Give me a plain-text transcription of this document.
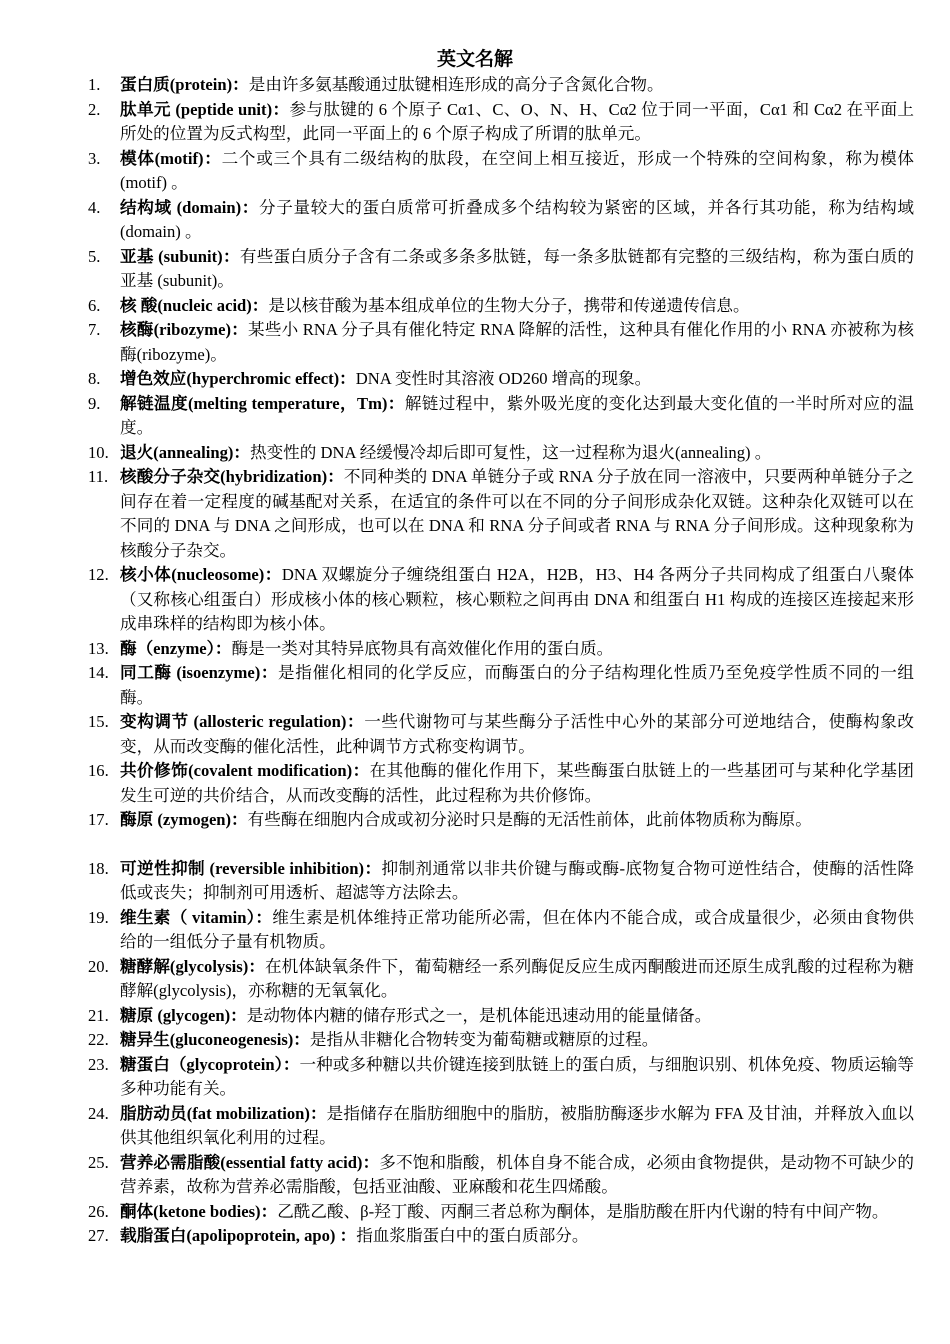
英文名解
1. 蛋白质(protein)：是由许多氨基酸通过肽键相连形成的高分子含氮化合物。
2. 肽单元 (peptide unit)：参与肽键的 6 个原子 Cα1、C、O、N、H、Cα2 位于同一平面，Cα1 和 Cα2 在平面上所处的位置为反式构型，此同一平面上的 6 个原子构成了所谓的肽单元。
3. 模体(motif)：二个或三个具有二级结构的肽段，在空间上相互接近，形成一个特殊的空间构象，称为模体(motif) 。
4. 结构域 (domain)：分子量较大的蛋白质常可折叠成多个结构较为紧密的区域，并各行其功能，称为结构域 (domain) 。
5. 亚基 (subunit)：有些蛋白质分子含有二条或多条多肽链，每一条多肽链都有完整的三级结构，称为蛋白质的亚基 (subunit)。
6. 核 酸(nucleic acid)：是以核苷酸为基本组成单位的生物大分子，携带和传递遗传信息。
7. 核酶(ribozyme)：某些小 RNA 分子具有催化特定 RNA 降解的活性，这种具有催化作用的小 RNA 亦被称为核酶(ribozyme)。
8. 增色效应(hyperchromic effect)：DNA 变性时其溶液 OD260 增高的现象。
9. 解链温度(melting temperature，Tm)：解链过程中，紫外吸光度的变化达到最大变化值的一半时所对应的温度。
10. 退火(annealing)：热变性的 DNA 经缓慢冷却后即可复性，这一过程称为退火(annealing) 。
11. 核酸分子杂交(hybridization)：不同种类的 DNA 单链分子或 RNA 分子放在同一溶液中，只要两种单链分子之间存在着一定程度的碱基配对关系，在适宜的条件可以在不同的分子间形成杂化双链。这种杂化双链可以在不同的 DNA 与 DNA 之间形成，也可以在 DNA 和 RNA 分子间或者 RNA 与 RNA 分子间形成。这种现象称为核酸分子杂交。
12. 核小体(nucleosome)：DNA 双螺旋分子缠绕组蛋白 H2A，H2B，H3、H4 各两分子共同构成了组蛋白八聚体（又称核心组蛋白）形成核小体的核心颗粒，核心颗粒之间再由 DNA 和组蛋白 H1 构成的连接区连接起来形成串珠样的结构即为核小体。
13. 酶（enzyme）：酶是一类对其特异底物具有高效催化作用的蛋白质。
14. 同工酶 (isoenzyme)：是指催化相同的化学反应，而酶蛋白的分子结构理化性质乃至免疫学性质不同的一组酶。
15. 变构调节 (allosteric regulation)：一些代谢物可与某些酶分子活性中心外的某部分可逆地结合，使酶构象改变，从而改变酶的催化活性，此种调节方式称变构调节。
16. 共价修饰(covalent modification)：在其他酶的催化作用下，某些酶蛋白肽链上的一些基团可与某种化学基团发生可逆的共价结合，从而改变酶的活性，此过程称为共价修饰。
17. 酶原 (zymogen)：有些酶在细胞内合成或初分泌时只是酶的无活性前体，此前体物质称为酶原。
18. 可逆性抑制 (reversible inhibition)：抑制剂通常以非共价键与酶或酶-底物复合物可逆性结合，使酶的活性降低或丧失；抑制剂可用透析、超滤等方法除去。
19. 维生素（ vitamin）：维生素是机体维持正常功能所必需，但在体内不能合成，或合成量很少，必须由食物供给的一组低分子量有机物质。
20. 糖酵解(glycolysis)：在机体缺氧条件下，葡萄糖经一系列酶促反应生成丙酮酸进而还原生成乳酸的过程称为糖酵解(glycolysis)，亦称糖的无氧氧化。
21. 糖原 (glycogen)：是动物体内糖的储存形式之一，是机体能迅速动用的能量储备。
22. 糖异生(gluconeogenesis)：是指从非糖化合物转变为葡萄糖或糖原的过程。
23. 糖蛋白（glycoprotein）：一种或多种糖以共价键连接到肽链上的蛋白质，与细胞识别、机体免疫、物质运输等多种功能有关。
24. 脂肪动员(fat mobilization)：是指储存在脂肪细胞中的脂肪，被脂肪酶逐步水解为 FFA 及甘油，并释放入血以供其他组织氧化利用的过程。
25. 营养必需脂酸(essential fatty acid)：多不饱和脂酸，机体自身不能合成，必须由食物提供，是动物不可缺少的营养素，故称为营养必需脂酸，包括亚油酸、亚麻酸和花生四烯酸。
26. 酮体(ketone bodies)：乙酰乙酸、β-羟丁酸、丙酮三者总称为酮体，是脂肪酸在肝内代谢的特有中间产物。
27. 载脂蛋白(apolipoprotein, apo) ：指血浆脂蛋白中的蛋白质部分。
